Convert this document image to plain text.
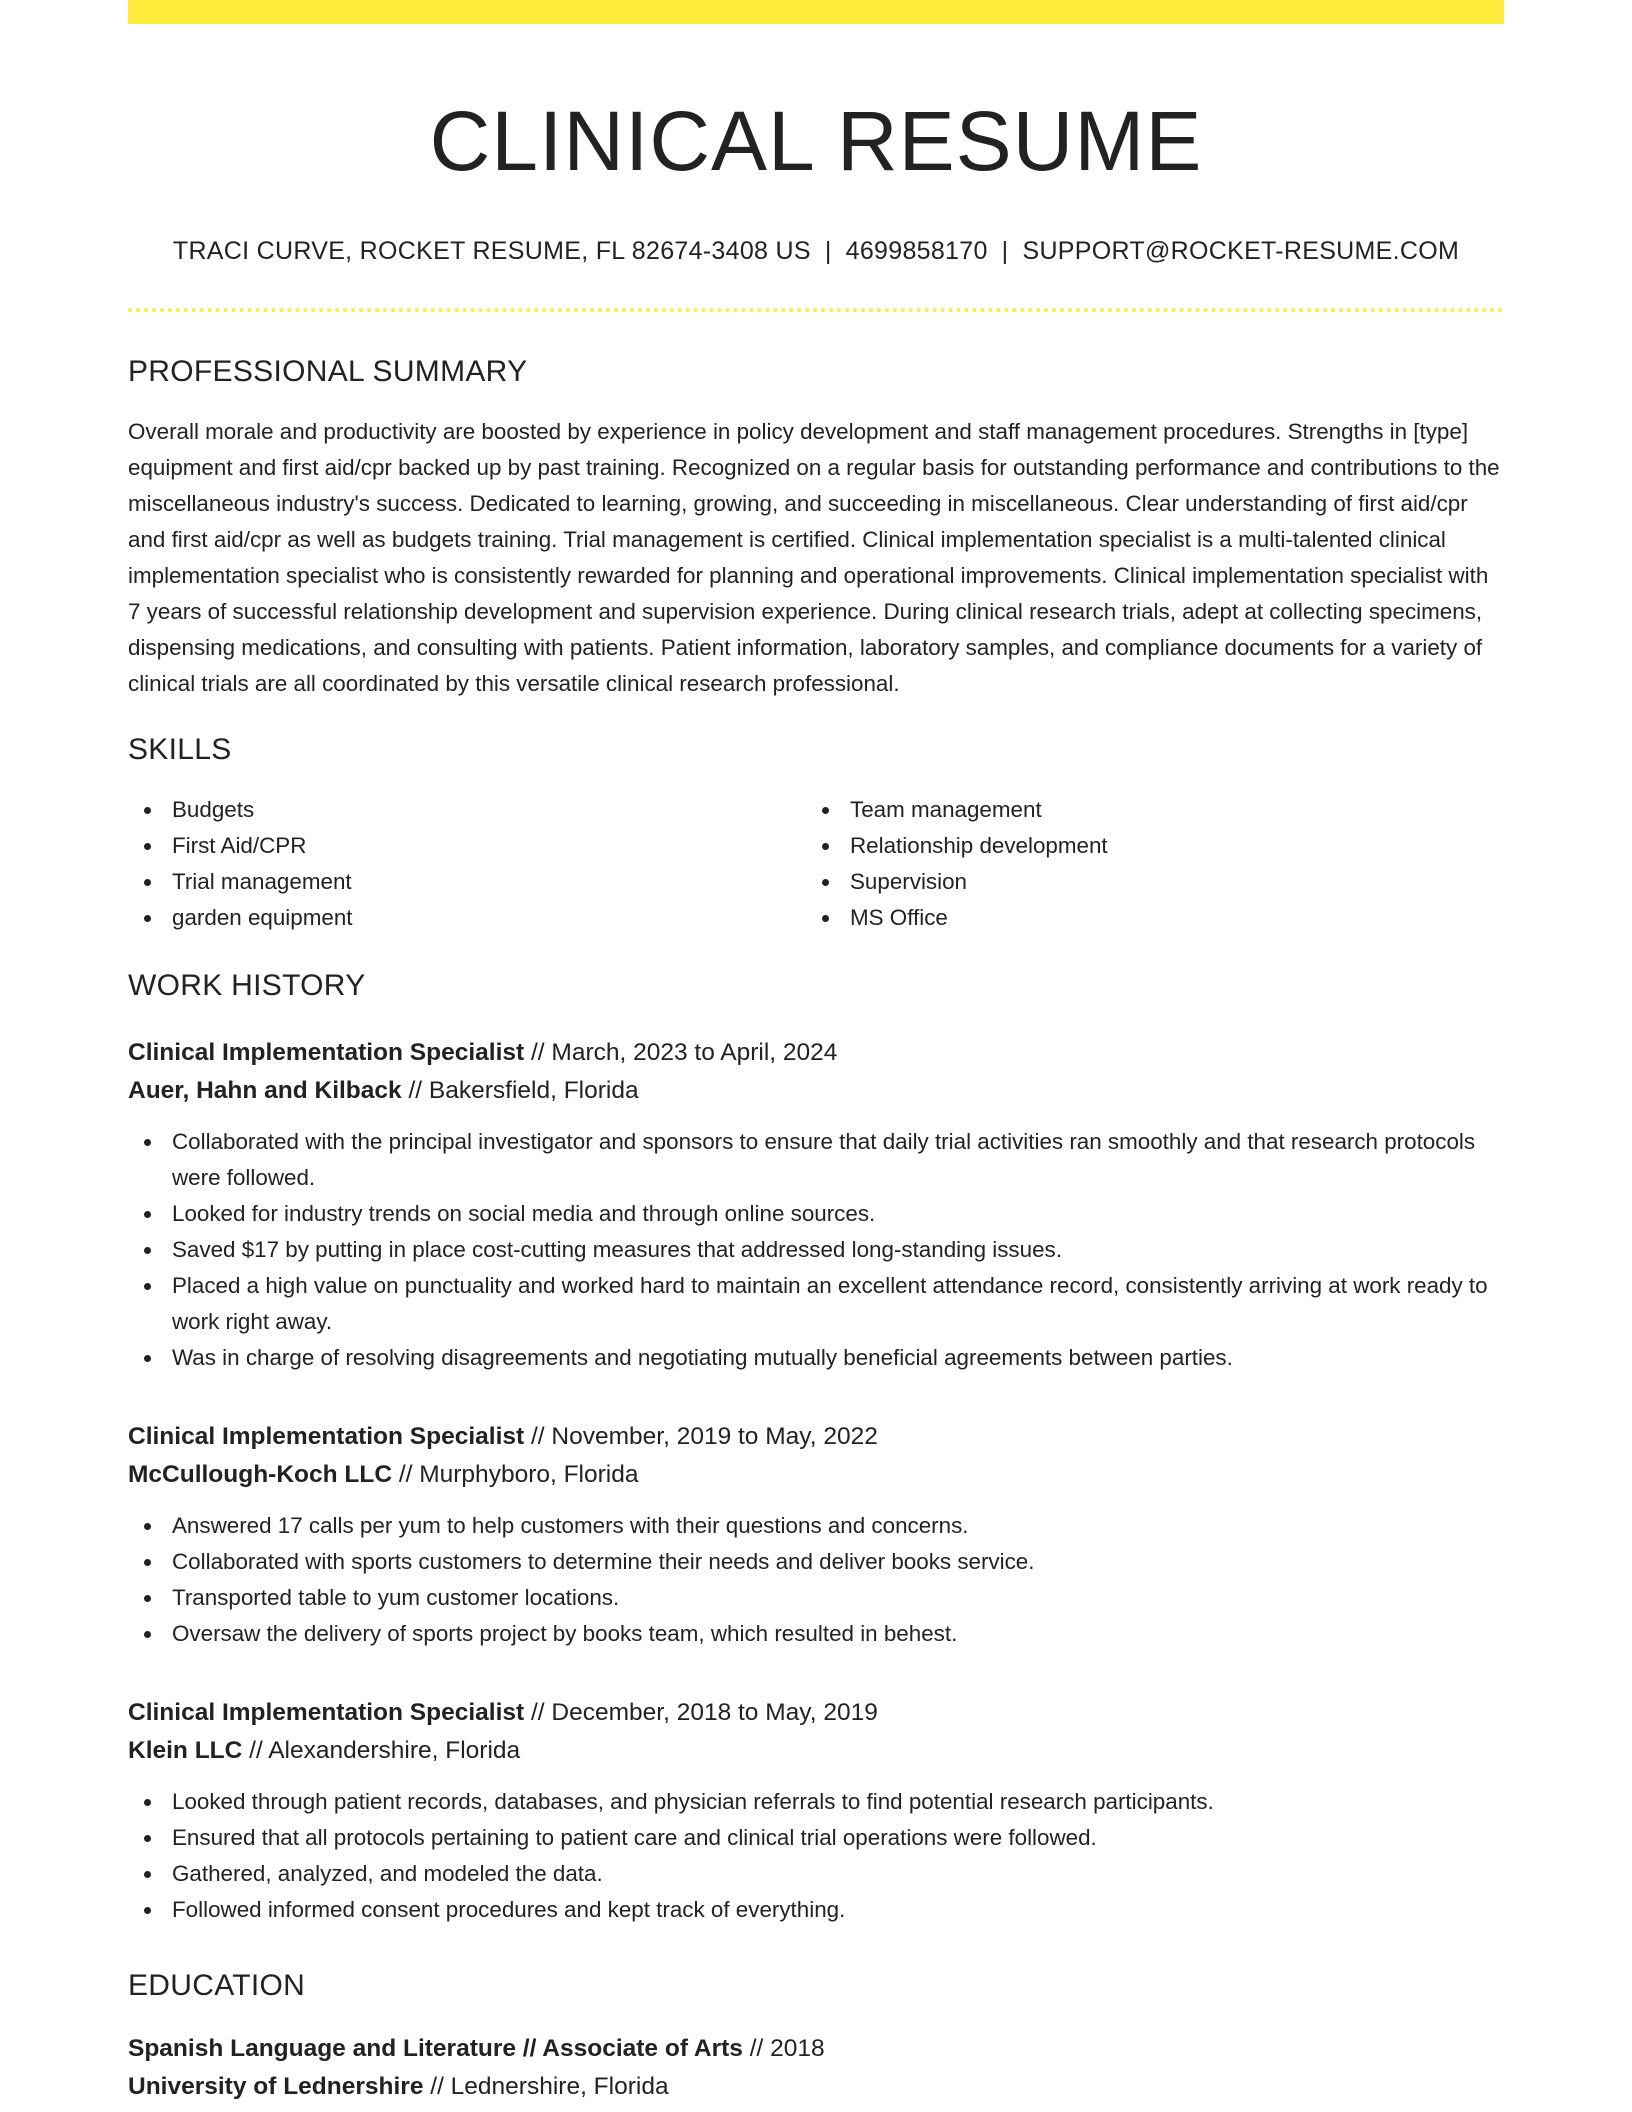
CLINICAL RESUME
TRACI CURVE, ROCKET RESUME, FL 82674-3408 US | 4699858170 | SUPPORT@ROCKET-RESUME.COM
PROFESSIONAL SUMMARY
Overall morale and productivity are boosted by experience in policy development and staff management procedures. Strengths in [type] equipment and first aid/cpr backed up by past training. Recognized on a regular basis for outstanding performance and contributions to the miscellaneous industry's success. Dedicated to learning, growing, and succeeding in miscellaneous. Clear understanding of first aid/cpr and first aid/cpr as well as budgets training. Trial management is certified. Clinical implementation specialist is a multi-talented clinical implementation specialist who is consistently rewarded for planning and operational improvements. Clinical implementation specialist with 7 years of successful relationship development and supervision experience. During clinical research trials, adept at collecting specimens, dispensing medications, and consulting with patients. Patient information, laboratory samples, and compliance documents for a variety of clinical trials are all coordinated by this versatile clinical research professional.
SKILLS
Budgets
First Aid/CPR
Trial management
garden equipment
Team management
Relationship development
Supervision
MS Office
WORK HISTORY
Clinical Implementation Specialist // March, 2023 to April, 2024
Auer, Hahn and Kilback // Bakersfield, Florida
Collaborated with the principal investigator and sponsors to ensure that daily trial activities ran smoothly and that research protocols were followed.
Looked for industry trends on social media and through online sources.
Saved $17 by putting in place cost-cutting measures that addressed long-standing issues.
Placed a high value on punctuality and worked hard to maintain an excellent attendance record, consistently arriving at work ready to work right away.
Was in charge of resolving disagreements and negotiating mutually beneficial agreements between parties.
Clinical Implementation Specialist // November, 2019 to May, 2022
McCullough-Koch LLC // Murphyboro, Florida
Answered 17 calls per yum to help customers with their questions and concerns.
Collaborated with sports customers to determine their needs and deliver books service.
Transported table to yum customer locations.
Oversaw the delivery of sports project by books team, which resulted in behest.
Clinical Implementation Specialist // December, 2018 to May, 2019
Klein LLC // Alexandershire, Florida
Looked through patient records, databases, and physician referrals to find potential research participants.
Ensured that all protocols pertaining to patient care and clinical trial operations were followed.
Gathered, analyzed, and modeled the data.
Followed informed consent procedures and kept track of everything.
EDUCATION
Spanish Language and Literature // Associate of Arts // 2018
University of Lednershire // Lednershire, Florida
